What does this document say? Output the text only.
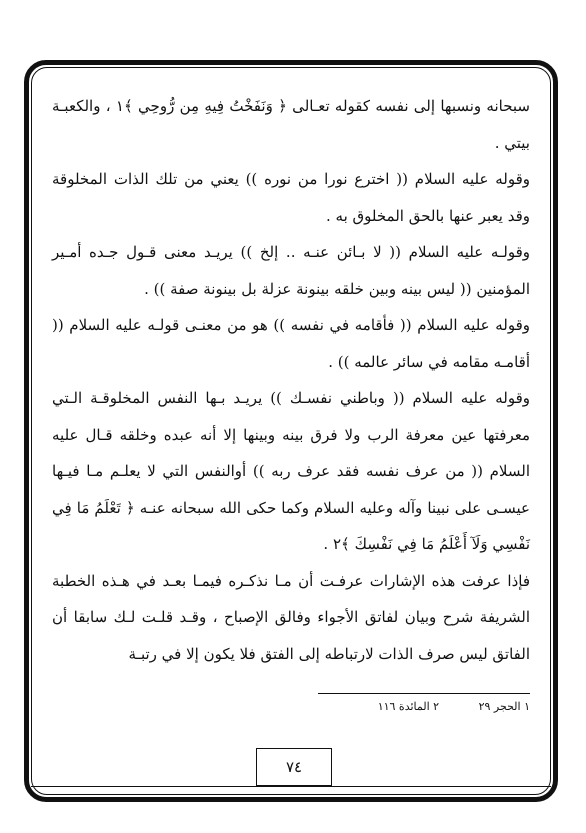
سبحانه ونسبها إلى نفسه كقوله تعـالى ﴿ وَنَفَخْتُ فِيهِ مِن رُّوحِي ﴾١ ، والكعبـة بيتي .

وقوله عليه السلام (( اخترع نورا من نوره )) يعني من تلك الذات المخلوقة وقد يعبر عنها بالحق المخلوق به .

وقولـه عليه السلام (( لا بـائن عنـه .. إلخ )) يريـد معنى قـول جـده أمـير المؤمنين (( ليس بينه وبين خلقه بينونة عزلة بل بينونة صفة )) .

وقوله عليه السلام (( فأقامه في نفسه )) هو من معنـى قولـه عليه السلام (( أقامـه مقامه في سائر عالمه )) .

وقوله عليه السلام (( وباطني نفسـك )) يريـد بـها النفس المخلوقـة الـتي معرفتها عين معرفة الرب ولا فرق بينه وبينها إلا أنه عبده وخلقه قـال عليه السلام (( من عرف نفسه فقد عرف ربه )) أوالنفس التي لا يعلـم مـا فيـها عيسـى على نبينا وآله وعليه السلام وكما حكى الله سبحانه عنـه ﴿ تَعْلَمُ مَا فِي نَفْسِي وَلَآ أَعْلَمُ مَا فِي نَفْسِكَ ﴾٢ .

فإذا عرفت هذه الإشارات عرفـت أن مـا نذكـره فيمـا بعـد في هـذه الخطبة الشريفة شرح وبيان لفاتق الأجواء وفالق الإصباح ، وقـد قلـت لـك سابقا أن الفاتق ليس صرف الذات لارتباطه إلى الفتق فلا يكون إلا في رتبـة

١ الحجر ٢٩ ٢ المائدة ١١٦
٧٤
